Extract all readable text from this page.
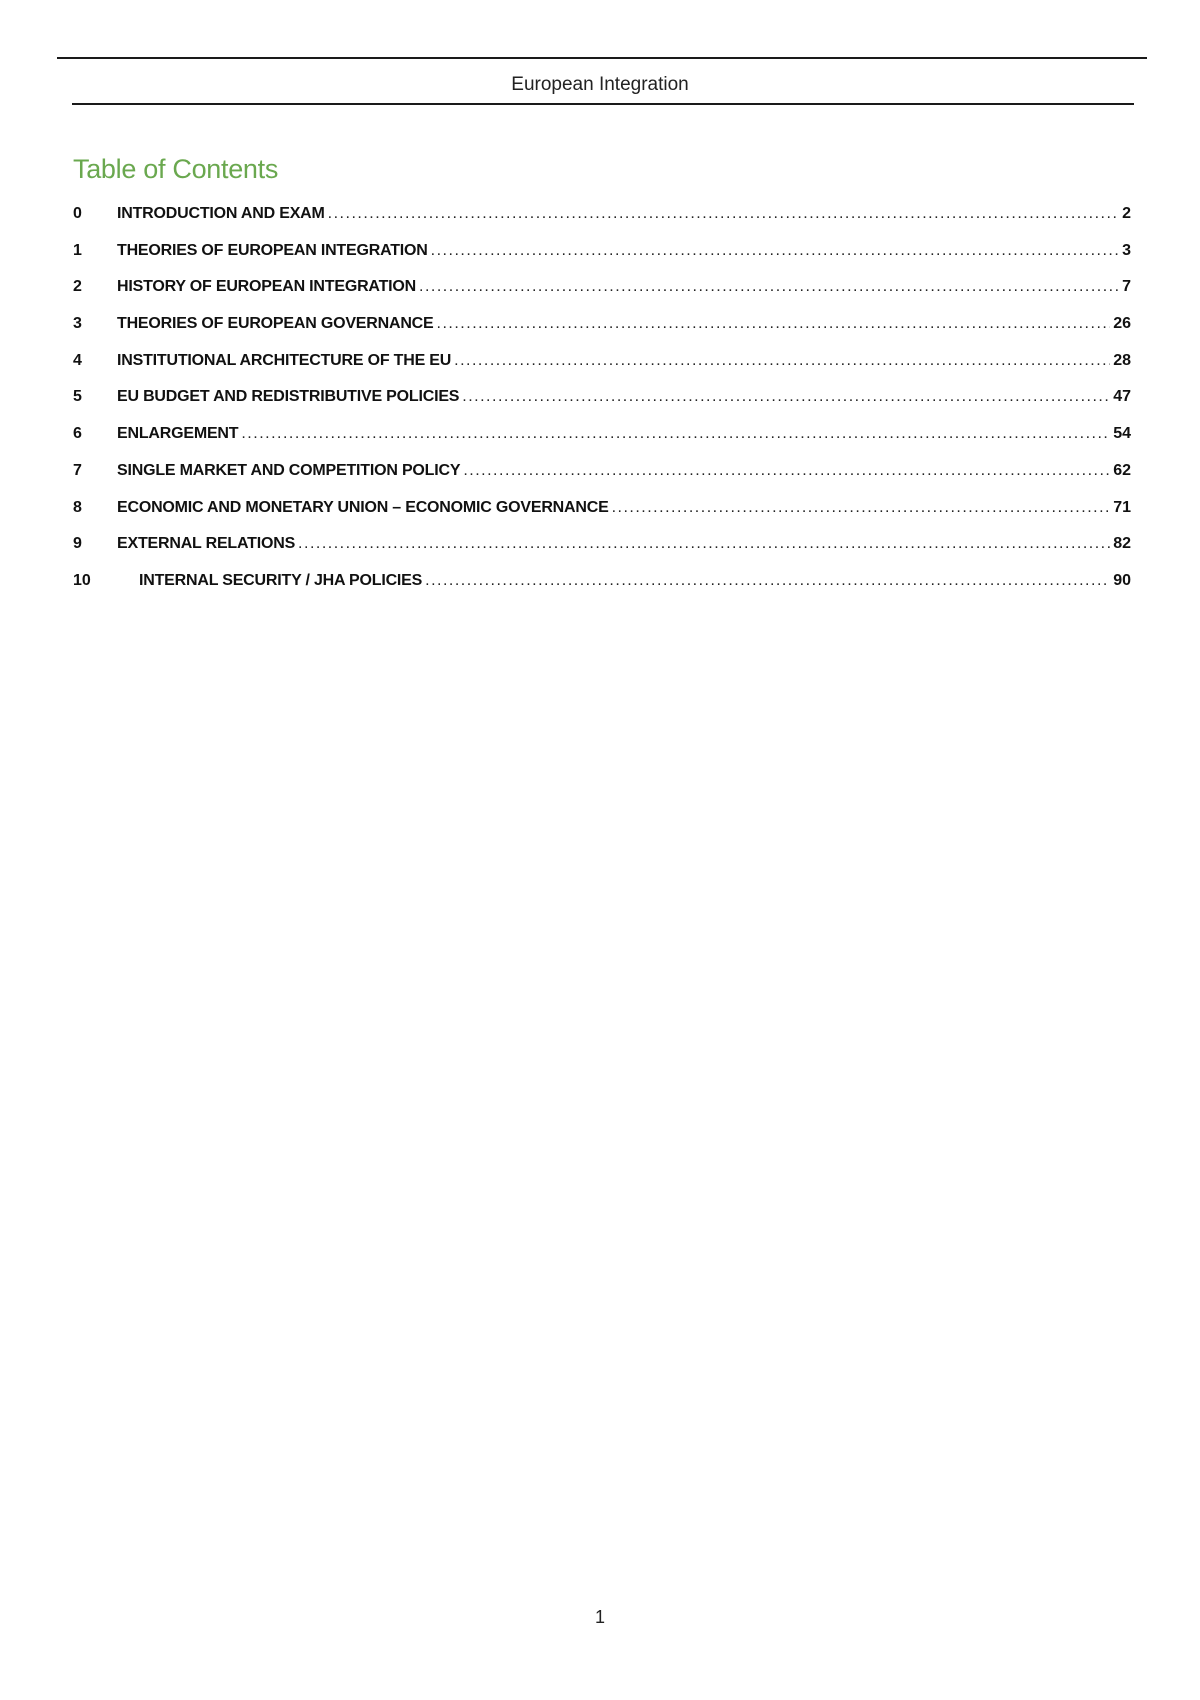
European Integration
Table of Contents
0	INTRODUCTION AND EXAM .....	2
1	THEORIES OF EUROPEAN INTEGRATION .....	3
2	HISTORY OF EUROPEAN INTEGRATION .....	7
3	THEORIES OF EUROPEAN GOVERNANCE .....	26
4	INSTITUTIONAL ARCHITECTURE OF THE EU .....	28
5	EU BUDGET AND REDISTRIBUTIVE POLICIES .....	47
6	ENLARGEMENT .....	54
7	SINGLE MARKET AND COMPETITION POLICY .....	62
8	ECONOMIC AND MONETARY UNION – ECONOMIC GOVERNANCE .....	71
9	EXTERNAL RELATIONS .....	82
10	INTERNAL SECURITY / JHA POLICIES .....	90
1
